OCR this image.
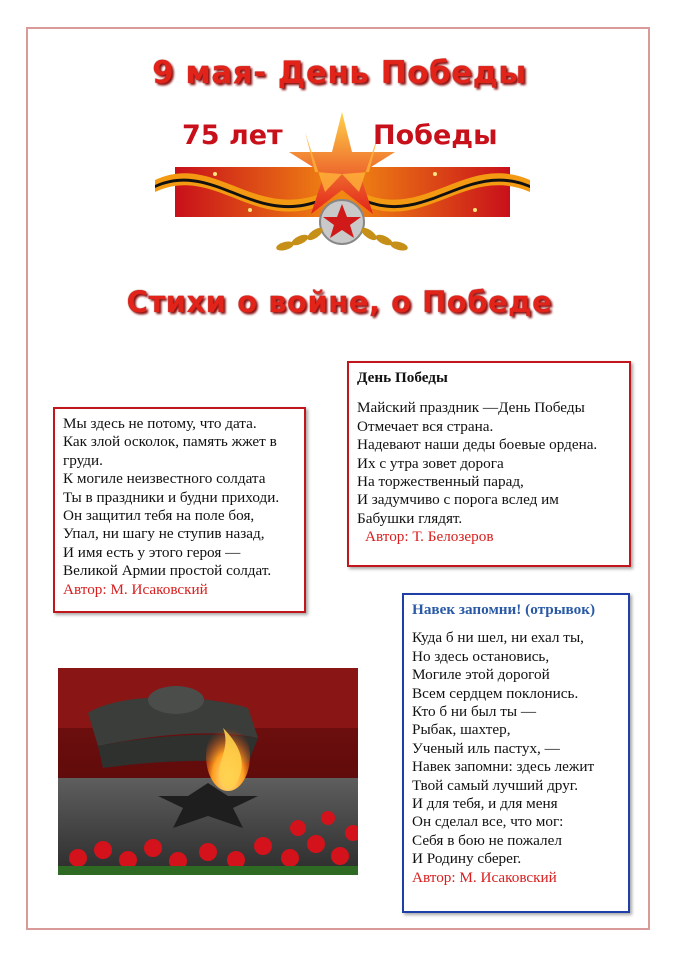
9 мая- День Победы
75 лет	Победы
Стихи о войне, о Победе
Мы здесь не потому, что дата.
Как злой осколок, память жжет в груди.
К могиле неизвестного солдата
Ты в праздники и будни приходи.
Он защитил тебя на поле боя,
Упал, ни шагу не ступив назад,
И имя есть у этого героя —
Великой Армии простой солдат.
Автор: М. Исаковский
День Победы
Майский праздник —День Победы
Отмечает вся страна.
Надевают наши деды боевые ордена.
Их с утра зовет дорога
На торжественный парад,
И задумчиво с порога вслед им
Бабушки глядят.
Автор: Т. Белозеров
Навек запомни! (отрывок)
Куда б ни шел, ни ехал ты,
Но здесь остановись,
Могиле этой дорогой
Всем сердцем поклонись.
Кто б ни был ты —
Рыбак, шахтер,
Ученый иль пастух, —
Навек запомни: здесь лежит
Твой самый лучший друг.
И для тебя, и для меня
Он сделал все, что мог:
Себя в бою не пожалел
И Родину сберег.
Автор: М. Исаковский
